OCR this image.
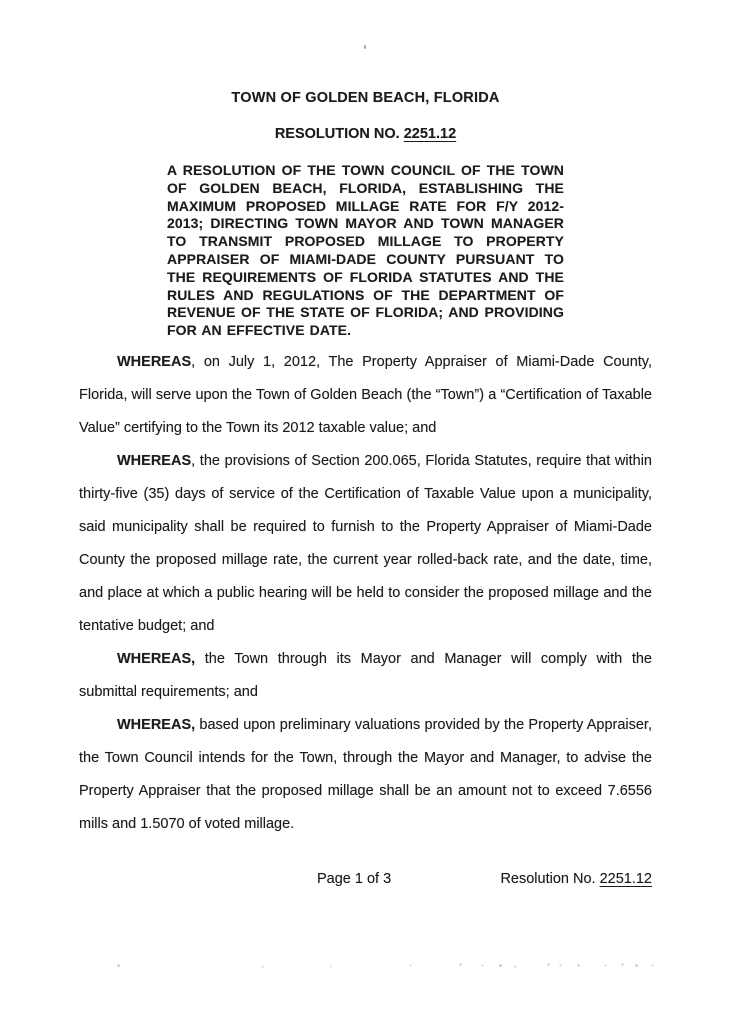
TOWN OF GOLDEN BEACH, FLORIDA
RESOLUTION NO. 2251.12
A RESOLUTION OF THE TOWN COUNCIL OF THE TOWN OF GOLDEN BEACH, FLORIDA, ESTABLISHING THE MAXIMUM PROPOSED MILLAGE RATE FOR F/Y 2012-2013; DIRECTING TOWN MAYOR AND TOWN MANAGER TO TRANSMIT PROPOSED MILLAGE TO PROPERTY APPRAISER OF MIAMI-DADE COUNTY PURSUANT TO THE REQUIREMENTS OF FLORIDA STATUTES AND THE RULES AND REGULATIONS OF THE DEPARTMENT OF REVENUE OF THE STATE OF FLORIDA; AND PROVIDING FOR AN EFFECTIVE DATE.

WHEREAS, on July 1, 2012, The Property Appraiser of Miami-Dade County, Florida, will serve upon the Town of Golden Beach (the “Town”) a “Certification of Taxable Value” certifying to the Town its 2012 taxable value; and

WHEREAS, the provisions of Section 200.065, Florida Statutes, require that within thirty-five (35) days of service of the Certification of Taxable Value upon a municipality, said municipality shall be required to furnish to the Property Appraiser of Miami-Dade County the proposed millage rate, the current year rolled-back rate, and the date, time, and place at which a public hearing will be held to consider the proposed millage and the tentative budget; and

WHEREAS, the Town through its Mayor and Manager will comply with the submittal requirements; and

WHEREAS, based upon preliminary valuations provided by the Property Appraiser, the Town Council intends for the Town, through the Mayor and Manager, to advise the Property Appraiser that the proposed millage shall be an amount not to exceed 7.6556 mills and 1.5070 of voted millage.

Page 1 of 3	Resolution No. 2251.12
